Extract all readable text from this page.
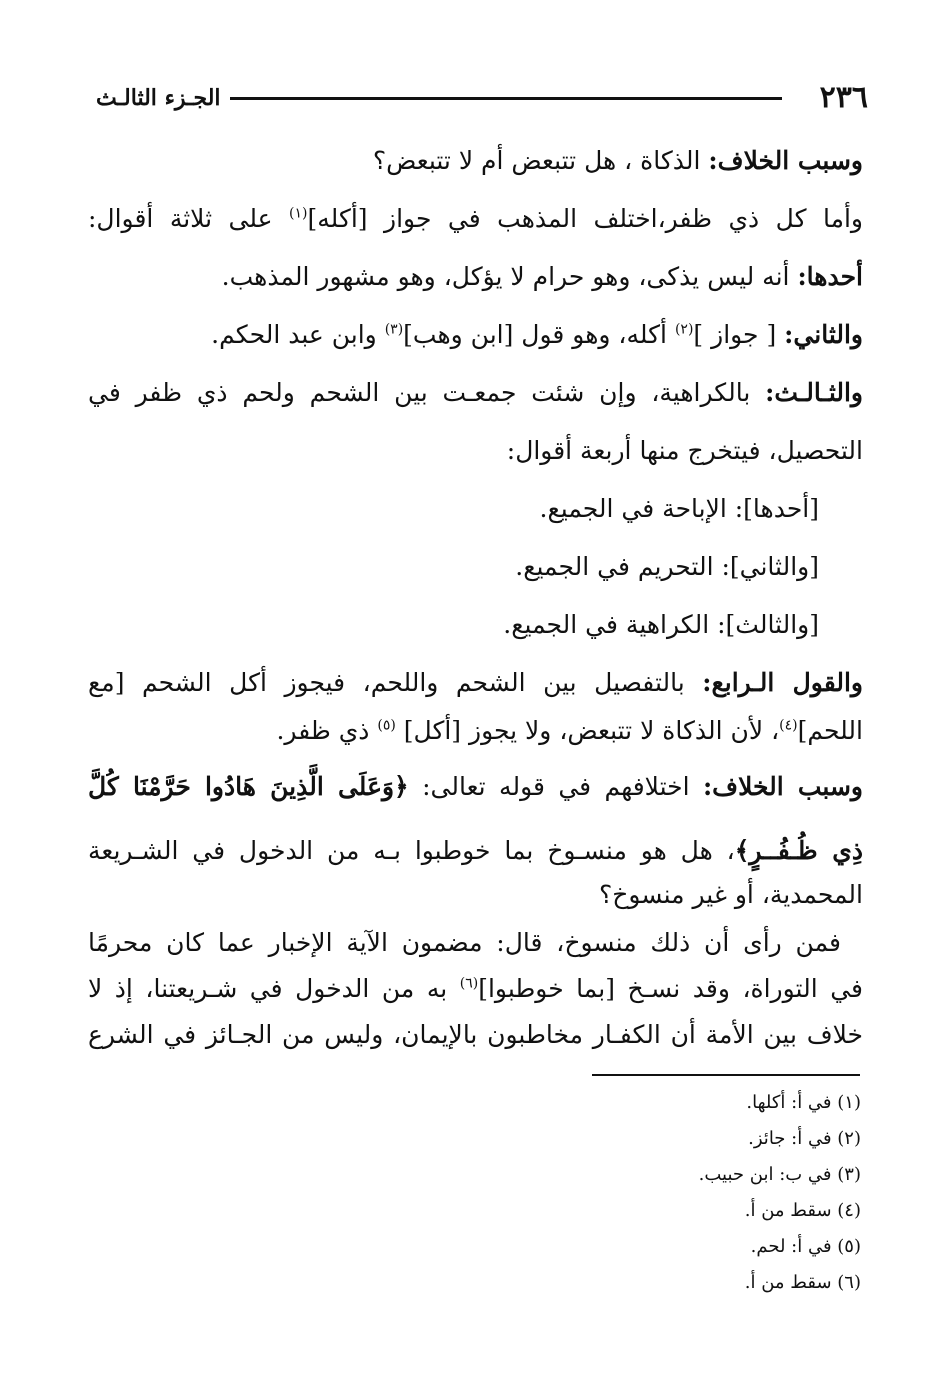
٢٣٦
الجـزء الثالـث
وسبب الخلاف: الذكاة ، هل تتبعض أم لا تتبعض؟
وأما كل ذي ظفر،اختلف المذهب في جواز [أكله]$^{(١)}$ على ثلاثة أقوال:
أحدها: أنه ليس يذكى، وهو حرام لا يؤكل، وهو مشهور المذهب.
والثاني: [ جواز ]$^{(٢)}$ أكله، وهو قول [ابن وهب]$^{(٣)}$ وابن عبد الحكم.
والثـالـث: بالكراهية، وإن شئت جمعـت بين الشحم ولحم ذي ظفر في
التحصيل، فيتخرج منها أربعة أقوال:
[أحدها]: الإباحة في الجميع.
[والثاني]: التحريم في الجميع.
[والثالث]: الكراهية في الجميع.
والقول الـرابع: بالتفصيل بين الشحم واللحم، فيجوز أكل الشحم [مع
اللحم]$^{(٤)}$، لأن الذكاة لا تتبعض، ولا يجوز [أكل] $^{(٥)}$ ذي ظفر.
وسبب الخلاف: اختلافهم في قوله تعالى: ﴿وَعَلَى الَّذِينَ هَادُوا حَرَّمْنَا كُلَّ
ذِي ظُـفُــرٍ﴾، هل هو منسـوخ بما خوطبوا بـه من الدخول في الشـريعة
المحمدية، أو غير منسوخ؟
فمن رأى أن ذلك منسوخ، قال: مضمون الآية الإخبار عما كان محرمًا
في التوراة، وقد نسـخ [بما خوطبوا]$^{(٦)}$ به من الدخول في شـريعتنا، إذ لا
خلاف بين الأمة أن الكفـار مخاطبون بالإيمان، وليس من الجـائز في الشرع
(١) في أ: أكلها.
(٢) في أ: جائز.
(٣) في ب: ابن حبيب.
(٤) سقط من أ.
(٥) في أ: لحم.
(٦) سقط من أ.
